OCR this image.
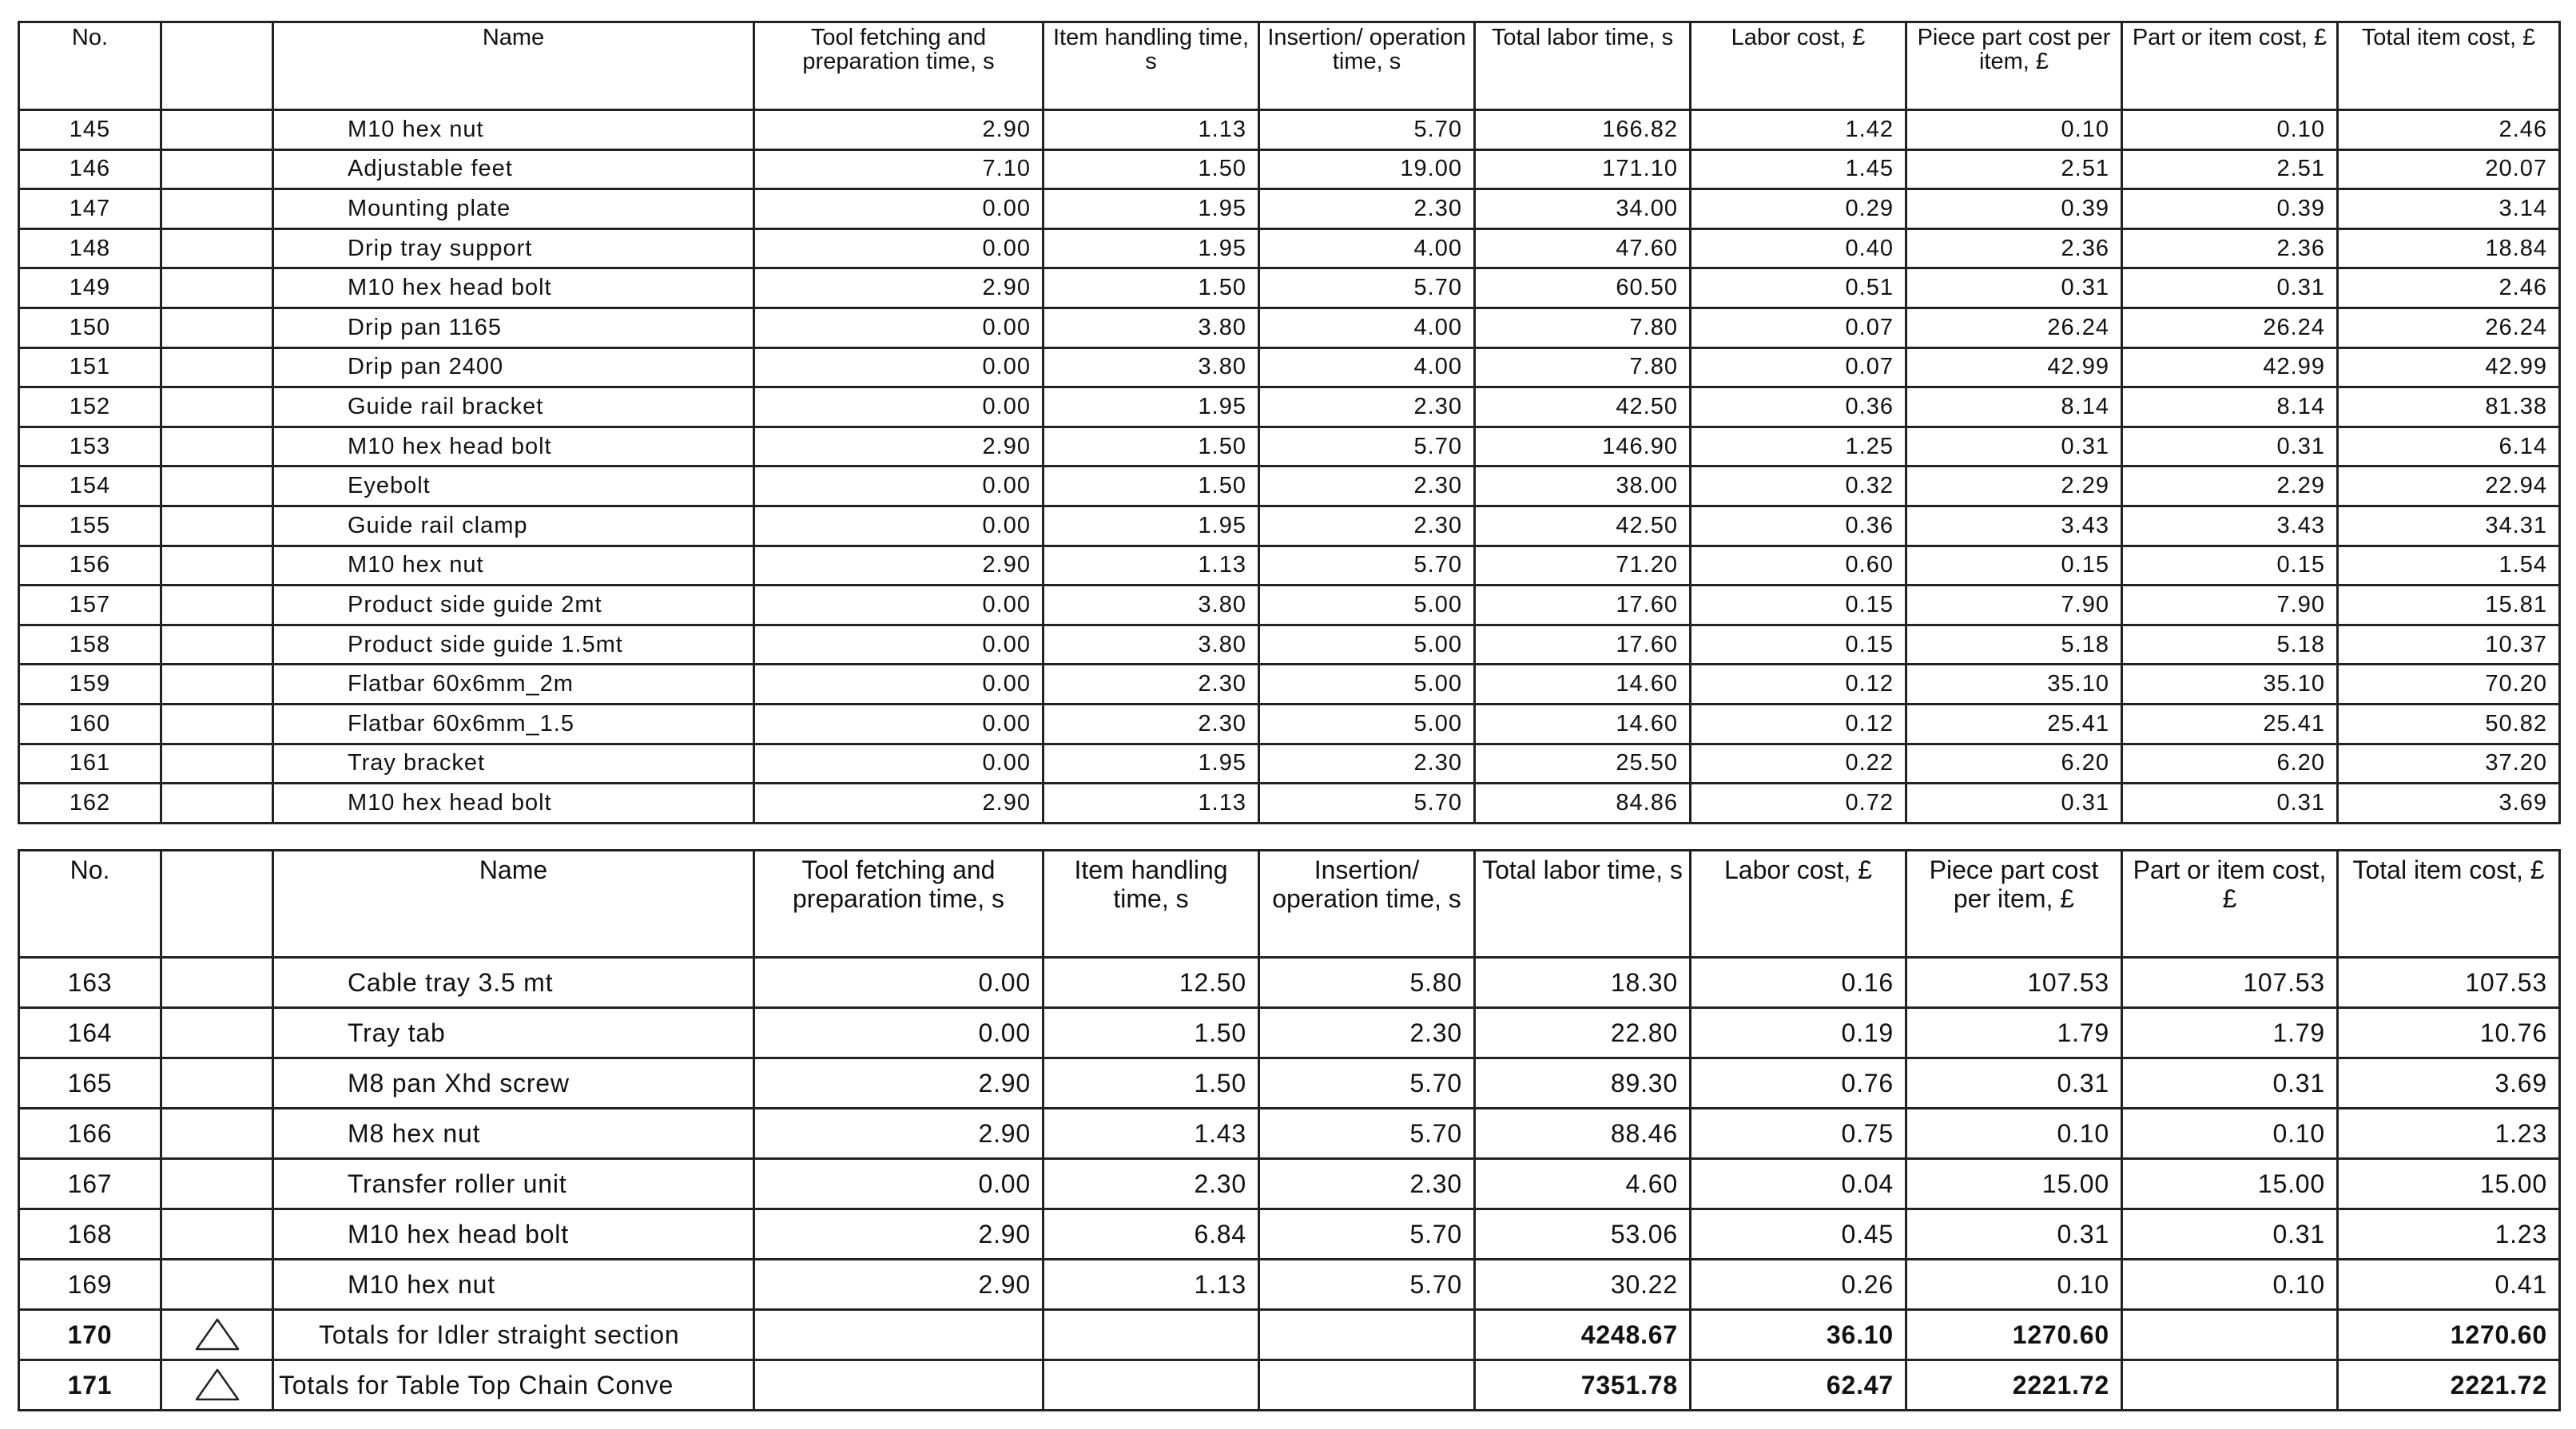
No.		Name	Tool fetching and preparation time, s	Item handling time, s	Insertion/ operation time, s	Total labor time, s	Labor cost, £	Piece part cost per item, £	Part or item cost, £	Total item cost, £
145		M10 hex nut	2.90	1.13	5.70	166.82	1.42	0.10	0.10	2.46
146		Adjustable feet	7.10	1.50	19.00	171.10	1.45	2.51	2.51	20.07
147		Mounting plate	0.00	1.95	2.30	34.00	0.29	0.39	0.39	3.14
148		Drip tray support	0.00	1.95	4.00	47.60	0.40	2.36	2.36	18.84
149		M10 hex head bolt	2.90	1.50	5.70	60.50	0.51	0.31	0.31	2.46
150		Drip pan 1165	0.00	3.80	4.00	7.80	0.07	26.24	26.24	26.24
151		Drip pan 2400	0.00	3.80	4.00	7.80	0.07	42.99	42.99	42.99
152		Guide rail bracket	0.00	1.95	2.30	42.50	0.36	8.14	8.14	81.38
153		M10 hex head bolt	2.90	1.50	5.70	146.90	1.25	0.31	0.31	6.14
154		Eyebolt	0.00	1.50	2.30	38.00	0.32	2.29	2.29	22.94
155		Guide rail clamp	0.00	1.95	2.30	42.50	0.36	3.43	3.43	34.31
156		M10 hex nut	2.90	1.13	5.70	71.20	0.60	0.15	0.15	1.54
157		Product side guide 2mt	0.00	3.80	5.00	17.60	0.15	7.90	7.90	15.81
158		Product side guide 1.5mt	0.00	3.80	5.00	17.60	0.15	5.18	5.18	10.37
159		Flatbar 60x6mm_2m	0.00	2.30	5.00	14.60	0.12	35.10	35.10	70.20
160		Flatbar 60x6mm_1.5	0.00	2.30	5.00	14.60	0.12	25.41	25.41	50.82
161		Tray bracket	0.00	1.95	2.30	25.50	0.22	6.20	6.20	37.20
162		M10 hex head bolt	2.90	1.13	5.70	84.86	0.72	0.31	0.31	3.69
No.		Name	Tool fetching and preparation time, s	Item handling time, s	Insertion/ operation time, s	Total labor time, s	Labor cost, £	Piece part cost per item, £	Part or item cost, £	Total item cost, £
163		Cable tray 3.5 mt	0.00	12.50	5.80	18.30	0.16	107.53	107.53	107.53
164		Tray tab	0.00	1.50	2.30	22.80	0.19	1.79	1.79	10.76
165		M8 pan Xhd screw	2.90	1.50	5.70	89.30	0.76	0.31	0.31	3.69
166		M8 hex nut	2.90	1.43	5.70	88.46	0.75	0.10	0.10	1.23
167		Transfer roller unit	0.00	2.30	2.30	4.60	0.04	15.00	15.00	15.00
168		M10 hex head bolt	2.90	6.84	5.70	53.06	0.45	0.31	0.31	1.23
169		M10 hex nut	2.90	1.13	5.70	30.22	0.26	0.10	0.10	0.41
170		Totals for Idler straight section				4248.67	36.10	1270.60		1270.60
171		Totals for Table Top Chain Conve				7351.78	62.47	2221.72		2221.72
